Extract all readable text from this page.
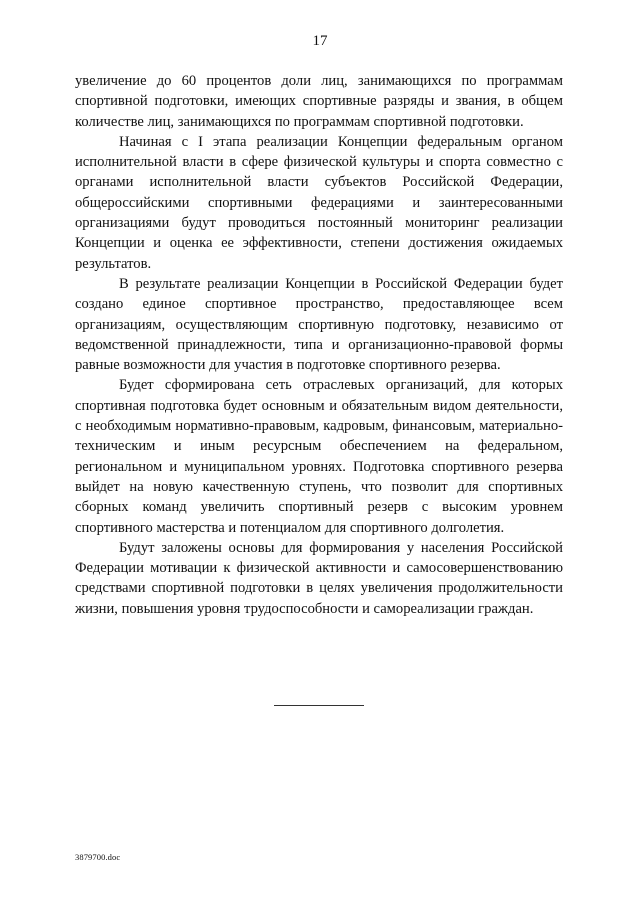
17

увеличение до 60 процентов доли лиц, занимающихся по программам спортивной подготовки, имеющих спортивные разряды и звания, в общем количестве лиц, занимающихся по программам спортивной подготовки.

Начиная с I этапа реализации Концепции федеральным органом исполнительной власти в сфере физической культуры и спорта совместно с органами исполнительной власти субъектов Российской Федерации, общероссийскими спортивными федерациями и заинтересованными организациями будут проводиться постоянный мониторинг реализации Концепции и оценка ее эффективности, степени достижения ожидаемых результатов.

В результате реализации Концепции в Российской Федерации будет создано единое спортивное пространство, предоставляющее всем организациям, осуществляющим спортивную подготовку, независимо от ведомственной принадлежности, типа и организационно-правовой формы равные возможности для участия в подготовке спортивного резерва.

Будет сформирована сеть отраслевых организаций, для которых спортивная подготовка будет основным и обязательным видом деятельности, с необходимым нормативно-правовым, кадровым, финансовым, материально-техническим и иным ресурсным обеспечением на федеральном, региональном и муниципальном уровнях. Подготовка спортивного резерва выйдет на новую качественную ступень, что позволит для спортивных сборных команд увеличить спортивный резерв с высоким уровнем спортивного мастерства и потенциалом для спортивного долголетия.

Будут заложены основы для формирования у населения Российской Федерации мотивации к физической активности и самосовершенствованию средствами спортивной подготовки в целях увеличения продолжительности жизни, повышения уровня трудоспособности и самореализации граждан.

3879700.doc
